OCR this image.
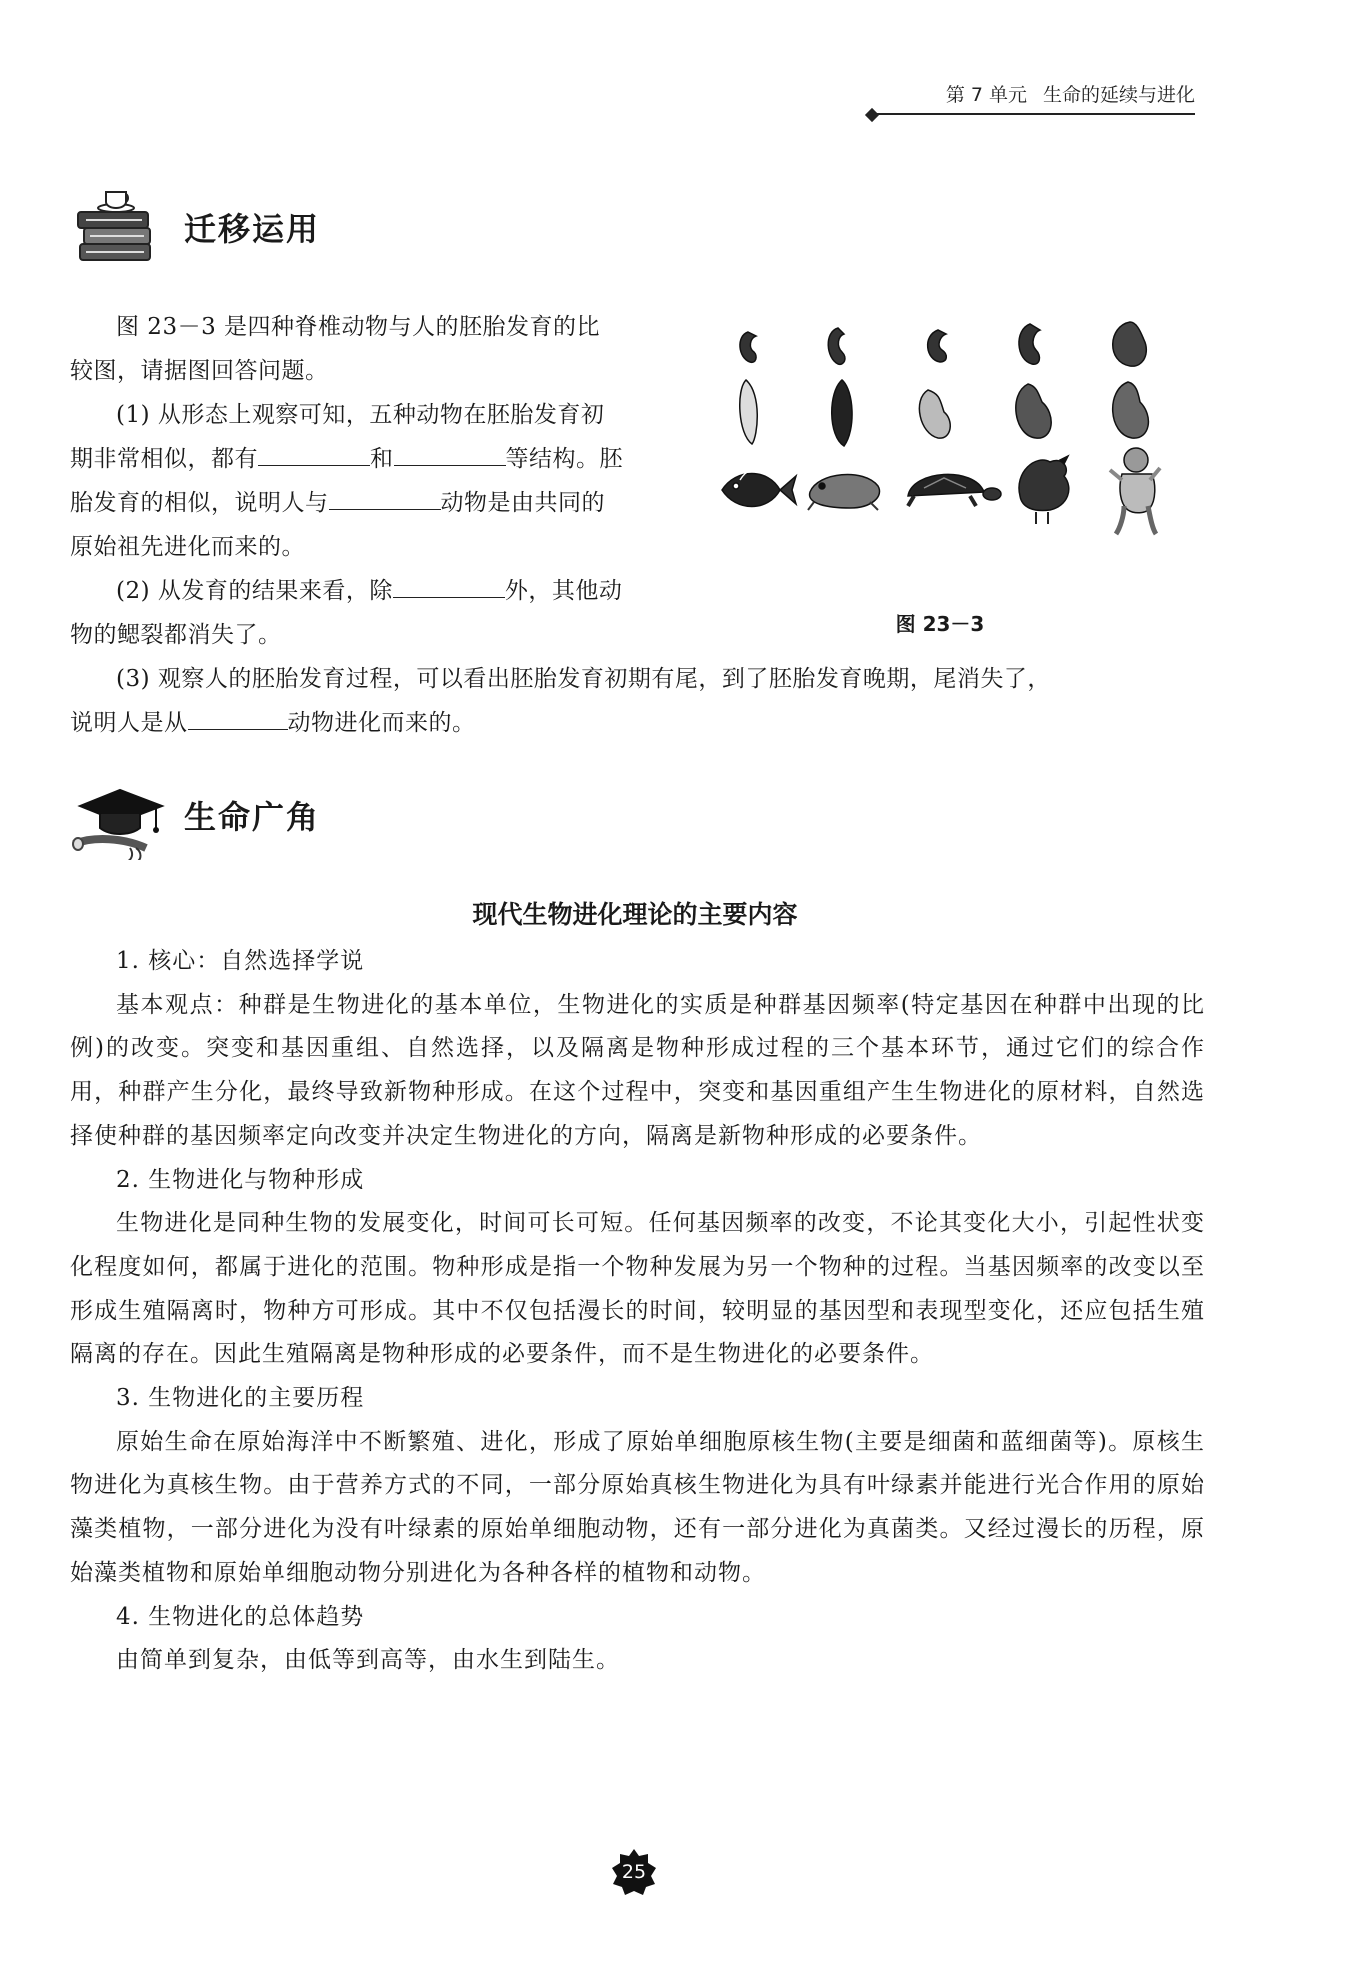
第 7 单元 生命的延续与进化
迁移运用

图 23－3 是四种脊椎动物与人的胚胎发育的比

较图，请据图回答问题。

(1) 从形态上观察可知，五种动物在胚胎发育初

期非常相似，都有	和	等结构。胚

胎发育的相似，说明人与	动物是由共同的

原始祖先进化而来的。

(2) 从发育的结果来看，除	外，其他动

物的鳃裂都消失了。

(3) 观察人的胚胎发育过程，可以看出胚胎发育初期有尾，到了胚胎发育晚期，尾消失了，

说明人是从	动物进化而来的。

图 23－3
生命广角
现代生物进化理论的主要内容

1. 核心：自然选择学说

基本观点：种群是生物进化的基本单位，生物进化的实质是种群基因频率(特定基因在种群中出现的比例)的改变。突变和基因重组、自然选择，以及隔离是物种形成过程的三个基本环节，通过它们的综合作用，种群产生分化，最终导致新物种形成。在这个过程中，突变和基因重组产生生物进化的原材料，自然选择使种群的基因频率定向改变并决定生物进化的方向，隔离是新物种形成的必要条件。

2. 生物进化与物种形成

生物进化是同种生物的发展变化，时间可长可短。任何基因频率的改变，不论其变化大小，引起性状变化程度如何，都属于进化的范围。物种形成是指一个物种发展为另一个物种的过程。当基因频率的改变以至形成生殖隔离时，物种方可形成。其中不仅包括漫长的时间，较明显的基因型和表现型变化，还应包括生殖隔离的存在。因此生殖隔离是物种形成的必要条件，而不是生物进化的必要条件。

3. 生物进化的主要历程

原始生命在原始海洋中不断繁殖、进化，形成了原始单细胞原核生物(主要是细菌和蓝细菌等)。原核生物进化为真核生物。由于营养方式的不同，一部分原始真核生物进化为具有叶绿素并能进行光合作用的原始藻类植物，一部分进化为没有叶绿素的原始单细胞动物，还有一部分进化为真菌类。又经过漫长的历程，原始藻类植物和原始单细胞动物分别进化为各种各样的植物和动物。

4. 生物进化的总体趋势

由简单到复杂，由低等到高等，由水生到陆生。

25
